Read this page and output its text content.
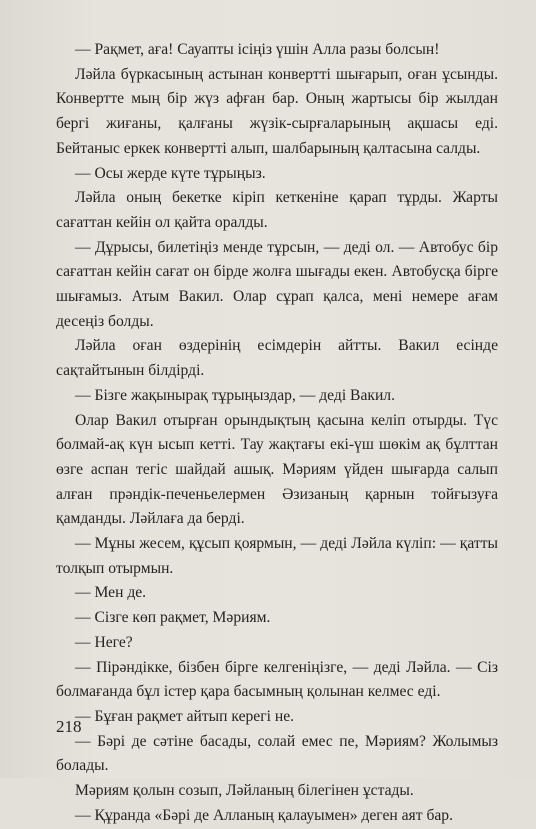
— Рақмет, аға! Сауапты ісіңіз үшін Алла разы болсын!

Ләйла бүркасының астынан конвертті шығарып, оған ұсынды. Конвертте мың бір жүз афған бар. Оның жартысы бір жылдан бергі жиғаны, қалғаны жүзік-сырғаларының ақшасы еді. Бейтаныс еркек конвертті алып, шалбарының қалтасына салды.

— Осы жерде күте тұрыңыз.

Ләйла оның бекетке кіріп кеткеніне қарап тұрды. Жарты сағаттан кейін ол қайта оралды.

— Дұрысы, билетіңіз менде тұрсын, — деді ол. — Автобус бір сағаттан кейін сағат он бірде жолға шығады екен. Автобусқа бірге шығамыз. Атым Вакил. Олар сұрап қалса, мені немере ағам десеңіз болды.

Ләйла оған өздерінің есімдерін айтты. Вакил есінде сақтайтынын білдірді.

— Бізге жақынырақ тұрыңыздар, — деді Вакил.

Олар Вакил отырған орындықтың қасына келіп отырды. Түс болмай-ақ күн ысып кетті. Тау жақтағы екі-үш шөкім ақ бұлттан өзге аспан тегіс шайдай ашық. Мәриям үйден шығарда салып алған прәндік-печеньелермен Әзизаның қарнын тойғызуға қамданды. Ләйлаға да берді.

— Мұны жесем, құсып қоярмын, — деді Ләйла күліп: — қатты толқып отырмын.

— Мен де.

— Сізге көп рақмет, Мәриям.

— Неге?

— Пірәндікке, бізбен бірге келгеніңізге, — деді Ләйла. — Сіз болмағанда бұл істер қара басымның қолынан келмес еді.

— Бұған рақмет айтып керегі не.

— Бәрі де сәтіне басады, солай емес пе, Мәриям? Жолымыз болады.

Мәриям қолын созып, Ләйланың білегінен ұстады.

— Құранда «Бәрі де Алланың қалауымен» деген аят бар.

218
